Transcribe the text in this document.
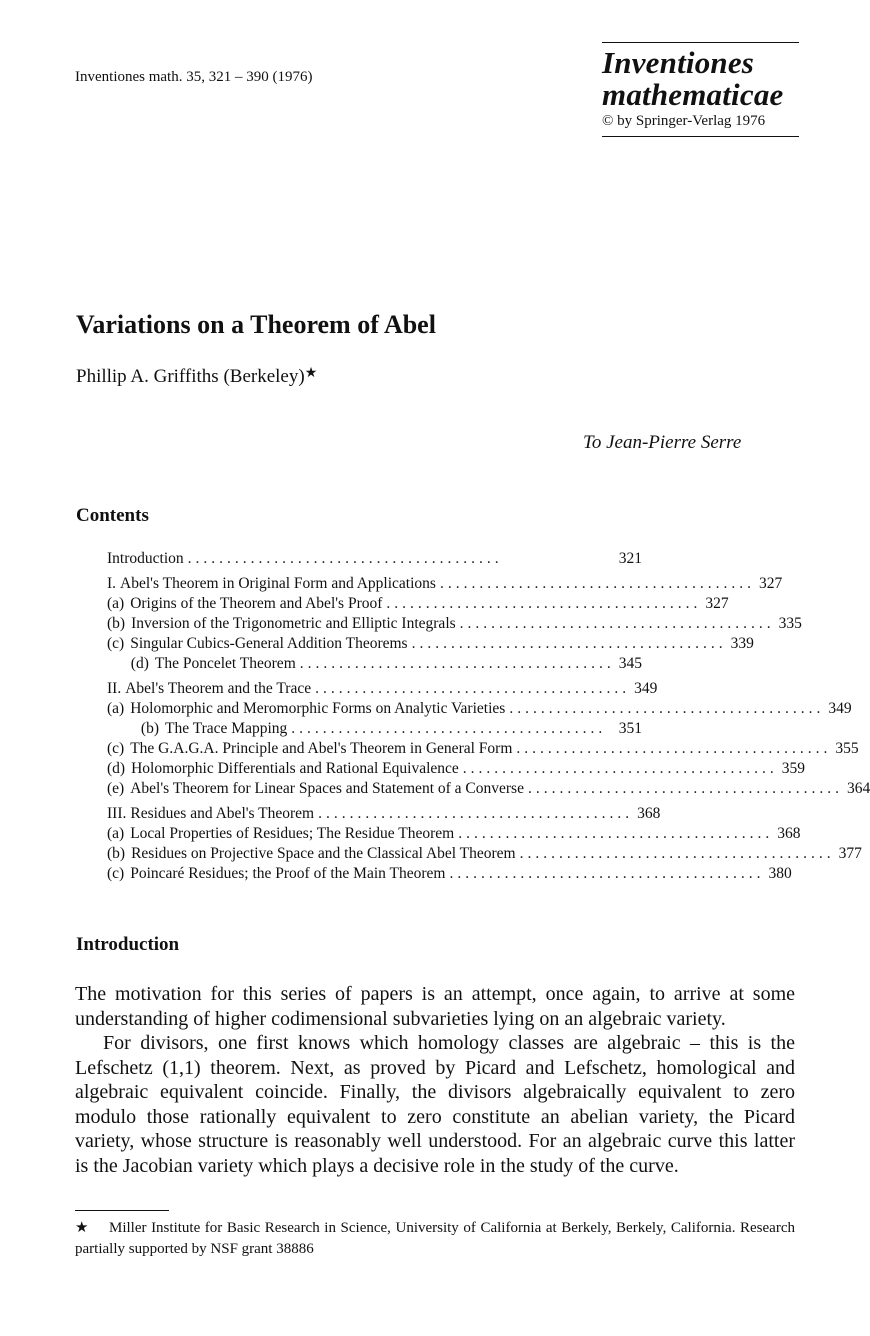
Inventiones math. 35, 321 – 390 (1976)	Inventiones
mathematicae
© by Springer-Verlag 1976
Variations on a Theorem of Abel
Phillip A. Griffiths (Berkeley)★
To Jean-Pierre Serre
Contents
Introduction ........................................	321
I. Abel's Theorem in Original Form and Applications ........................................ 327
(a) Origins of the Theorem and Abel's Proof ........................................ 327
(b) Inversion of the Trigonometric and Elliptic Integrals ........................................ 335
(c) Singular Cubics-General Addition Theorems ........................................ 339
(d) The Poncelet Theorem ........................................ 345
II. Abel's Theorem and the Trace ........................................ 349
(a) Holomorphic and Meromorphic Forms on Analytic Varieties ........................................ 349
(b) The Trace Mapping ........................................ 351
(c) The G.A.G.A. Principle and Abel's Theorem in General Form ........................................ 355
(d) Holomorphic Differentials and Rational Equivalence ........................................ 359
(e) Abel's Theorem for Linear Spaces and Statement of a Converse ........................................ 364
III. Residues and Abel's Theorem ........................................ 368
(a) Local Properties of Residues; The Residue Theorem ........................................ 368
(b) Residues on Projective Space and the Classical Abel Theorem ........................................ 377
(c) Poincaré Residues; the Proof of the Main Theorem ........................................ 380
Introduction

The motivation for this series of papers is an attempt, once again, to arrive at some understanding of higher codimensional subvarieties lying on an algebraic variety.

For divisors, one first knows which homology classes are algebraic – this is the Lefschetz (1,1) theorem. Next, as proved by Picard and Lefschetz, homological and algebraic equivalent coincide. Finally, the divisors algebraically equivalent to zero modulo those rationally equivalent to zero constitute an abelian variety, the Picard variety, whose structure is reasonably well understood. For an algebraic curve this latter is the Jacobian variety which plays a decisive role in the study of the curve.

★ Miller Institute for Basic Research in Science, University of California at Berkely, Berkely, California. Research partially supported by NSF grant 38886
